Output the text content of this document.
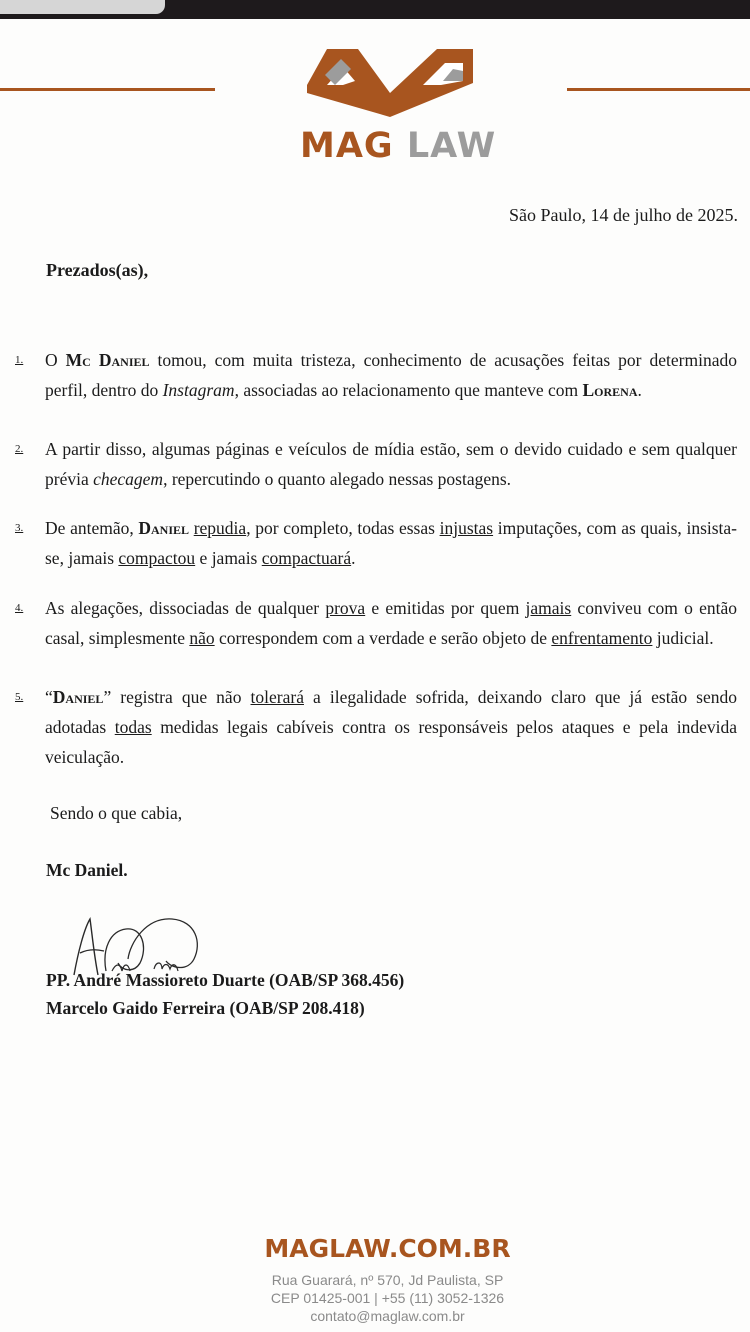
MAG LAW
São Paulo, 14 de julho de 2025.
Prezados(as),
1. O Mc Daniel tomou, com muita tristeza, conhecimento de acusações feitas por determinado perfil, dentro do Instagram, associadas ao relacionamento que manteve com Lorena.
2. A partir disso, algumas páginas e veículos de mídia estão, sem o devido cuidado e sem qualquer prévia checagem, repercutindo o quanto alegado nessas postagens.
3. De antemão, Daniel repudia, por completo, todas essas injustas imputações, com as quais, insista-se, jamais compactou e jamais compactuará.
4. As alegações, dissociadas de qualquer prova e emitidas por quem jamais conviveu com o então casal, simplesmente não correspondem com a verdade e serão objeto de enfrentamento judicial.
5. “Daniel” registra que não tolerará a ilegalidade sofrida, deixando claro que já estão sendo adotadas todas medidas legais cabíveis contra os responsáveis pelos ataques e pela indevida veiculação.
Sendo o que cabia,
Mc Daniel.
PP. André Massioreto Duarte (OAB/SP 368.456)
Marcelo Gaido Ferreira (OAB/SP 208.418)
MAGLAW.COM.BR
Rua Guarará, nº 570, Jd Paulista, SP
CEP 01425-001 | +55 (11) 3052-1326
contato@maglaw.com.br
